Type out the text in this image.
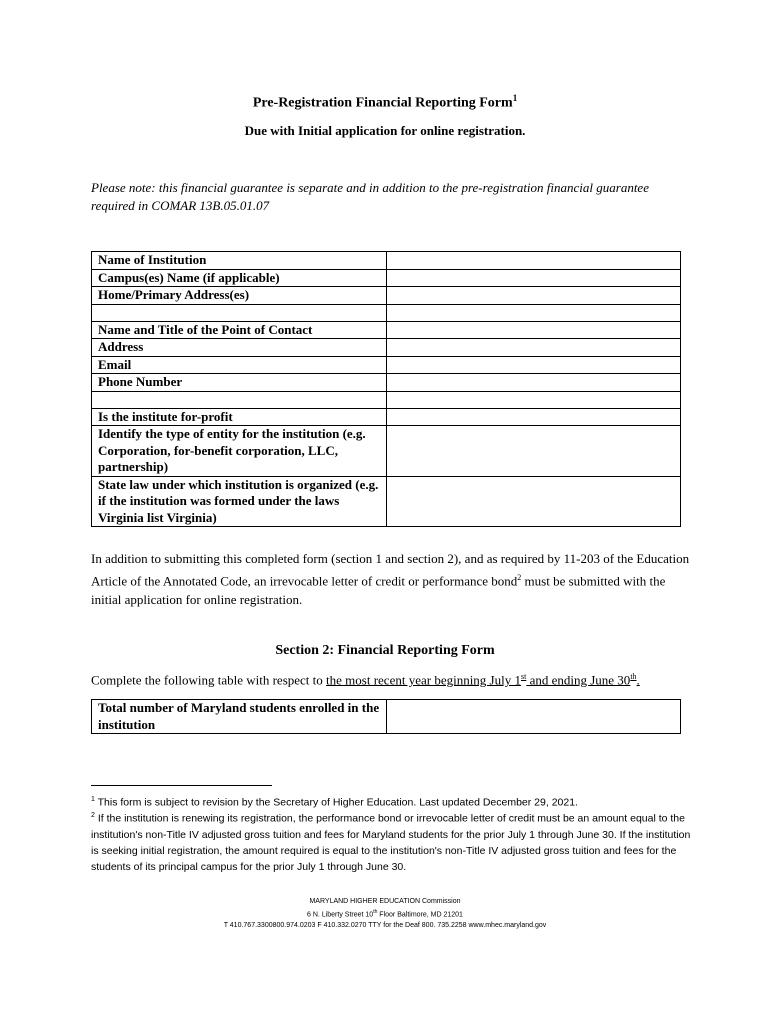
Pre-Registration Financial Reporting Form$^1$
Due with Initial application for online registration.
Please note: this financial guarantee is separate and in addition to the pre-registration financial guarantee required in COMAR 13B.05.01.07
Name of Institution	
Campus(es) Name (if applicable)	
Home/Primary Address(es)	

Name and Title of the Point of Contact	
Address	
Email	
Phone Number	

Is the institute for-profit	
Identify the type of entity for the institution (e.g. Corporation, for-benefit corporation, LLC, partnership)	
State law under which institution is organized (e.g. if the institution was formed under the laws Virginia list Virginia)	
In addition to submitting this completed form (section 1 and section 2), and as required by 11-203 of the Education Article of the Annotated Code, an irrevocable letter of credit or performance bond$^2$ must be submitted with the initial application for online registration.
Section 2: Financial Reporting Form
Complete the following table with respect to the most recent year beginning July 1st and ending June 30th.
Total number of Maryland students enrolled in the institution	
$^1$ This form is subject to revision by the Secretary of Higher Education. Last updated December 29, 2021.
$^2$ If the institution is renewing its registration, the performance bond or irrevocable letter of credit must be an amount equal to the institution's non-Title IV adjusted gross tuition and fees for Maryland students for the prior July 1 through June 30. If the institution is seeking initial registration, the amount required is equal to the institution's non-Title IV adjusted gross tuition and fees for the students of its principal campus for the prior July 1 through June 30.
MARYLAND HIGHER EDUCATION Commission
6 N. Liberty Street 10th Floor Baltimore, MD 21201
T 410.767.3300800.974.0203 F 410.332.0270 TTY for the Deaf 800. 735.2258 www.mhec.maryland.gov
